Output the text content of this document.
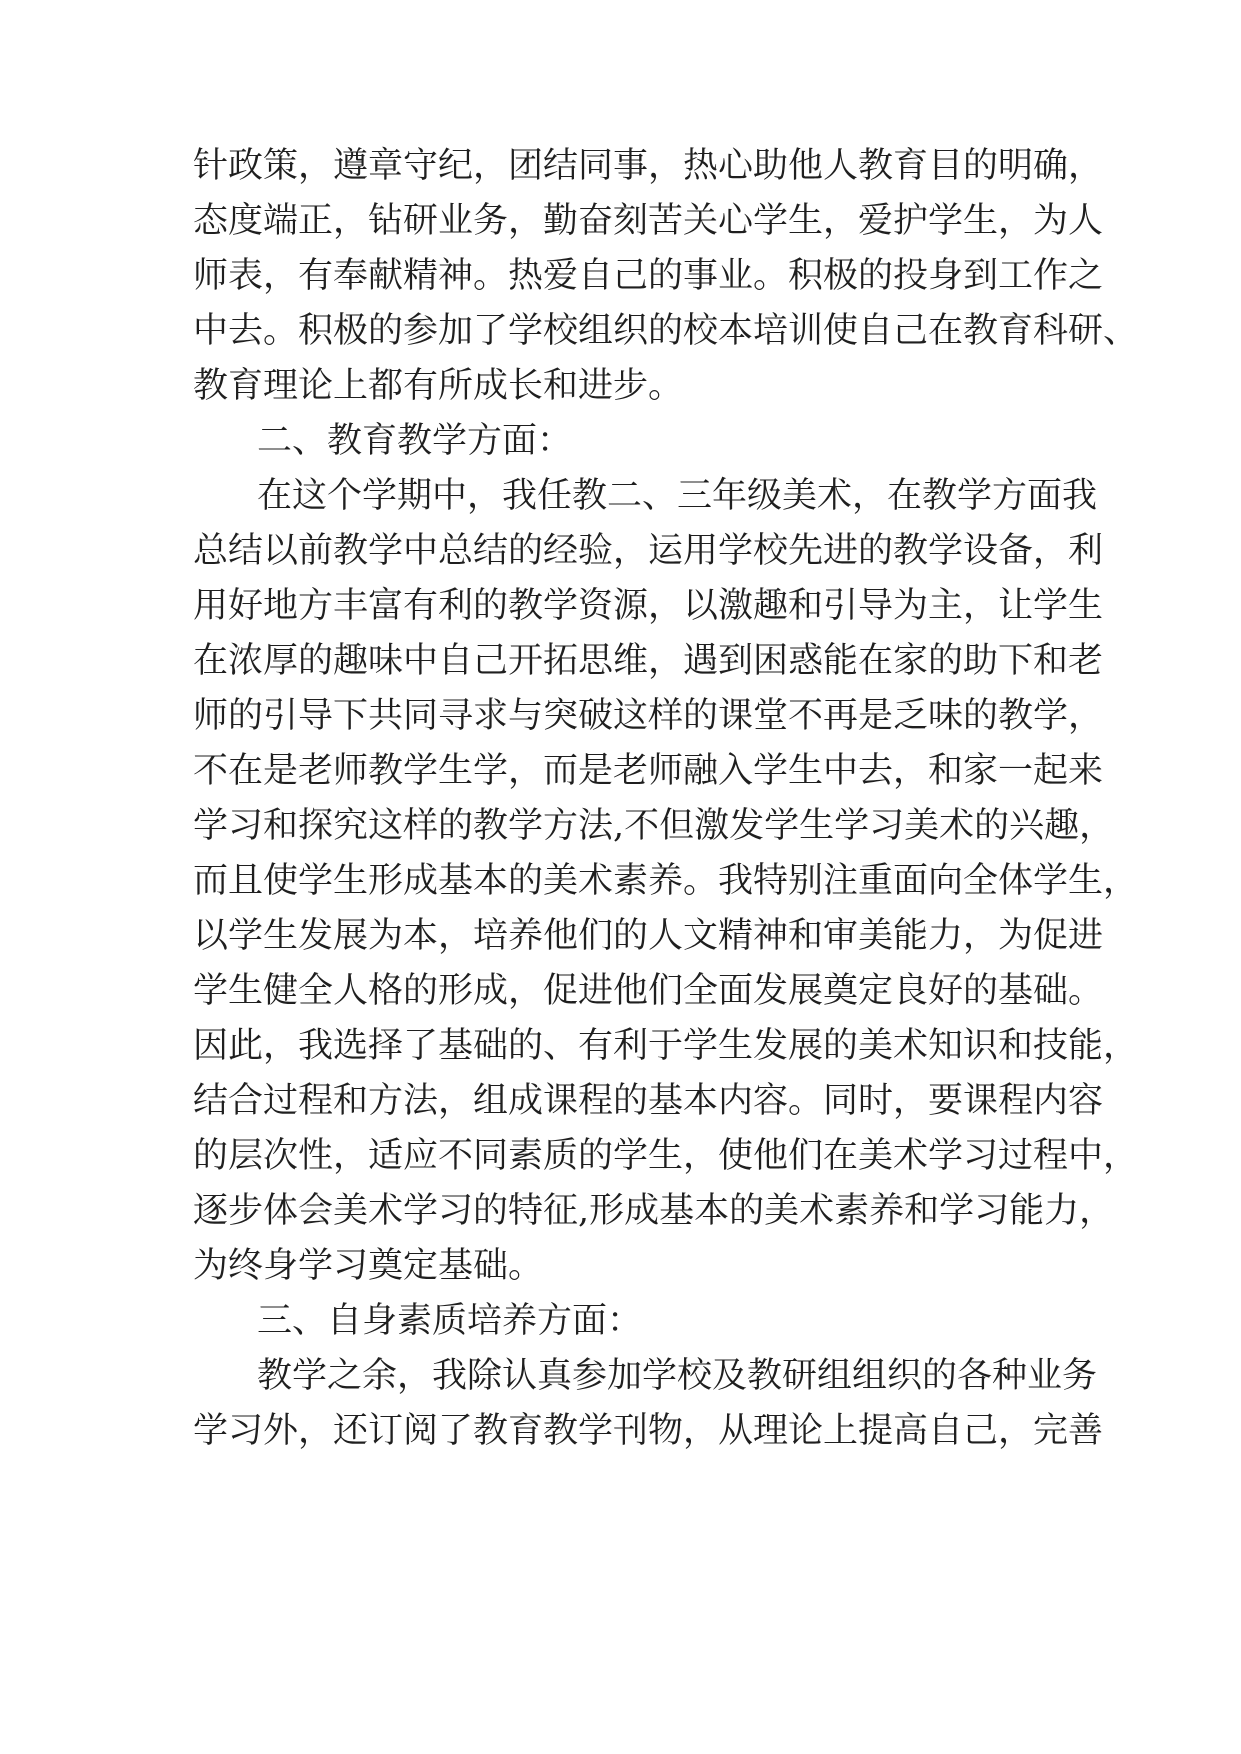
针政策，遵章守纪，团结同事，热心助他人教育目的明确，
态度端正，钻研业务，勤奋刻苦关心学生，爱护学生，为人
师表，有奉献精神。热爱自己的事业。积极的投身到工作之
中去。积极的参加了学校组织的校本培训使自己在教育科研、
教育理论上都有所成长和进步。
二、教育教学方面：
在这个学期中，我任教二、三年级美术，在教学方面我
总结以前教学中总结的经验，运用学校先进的教学设备，利
用好地方丰富有利的教学资源，以激趣和引导为主，让学生
在浓厚的趣味中自己开拓思维，遇到困惑能在家的助下和老
师的引导下共同寻求与突破这样的课堂不再是乏味的教学，
不在是老师教学生学，而是老师融入学生中去，和家一起来
学习和探究这样的教学方法,不但激发学生学习美术的兴趣，
而且使学生形成基本的美术素养。我特别注重面向全体学生，
以学生发展为本，培养他们的人文精神和审美能力，为促进
学生健全人格的形成，促进他们全面发展奠定良好的基础。
因此，我选择了基础的、有利于学生发展的美术知识和技能，
结合过程和方法，组成课程的基本内容。同时，要课程内容
的层次性，适应不同素质的学生，使他们在美术学习过程中，
逐步体会美术学习的特征,形成基本的美术素养和学习能力，
为终身学习奠定基础。
三、自身素质培养方面：
教学之余，我除认真参加学校及教研组组织的各种业务
学习外，还订阅了教育教学刊物，从理论上提高自己，完善
